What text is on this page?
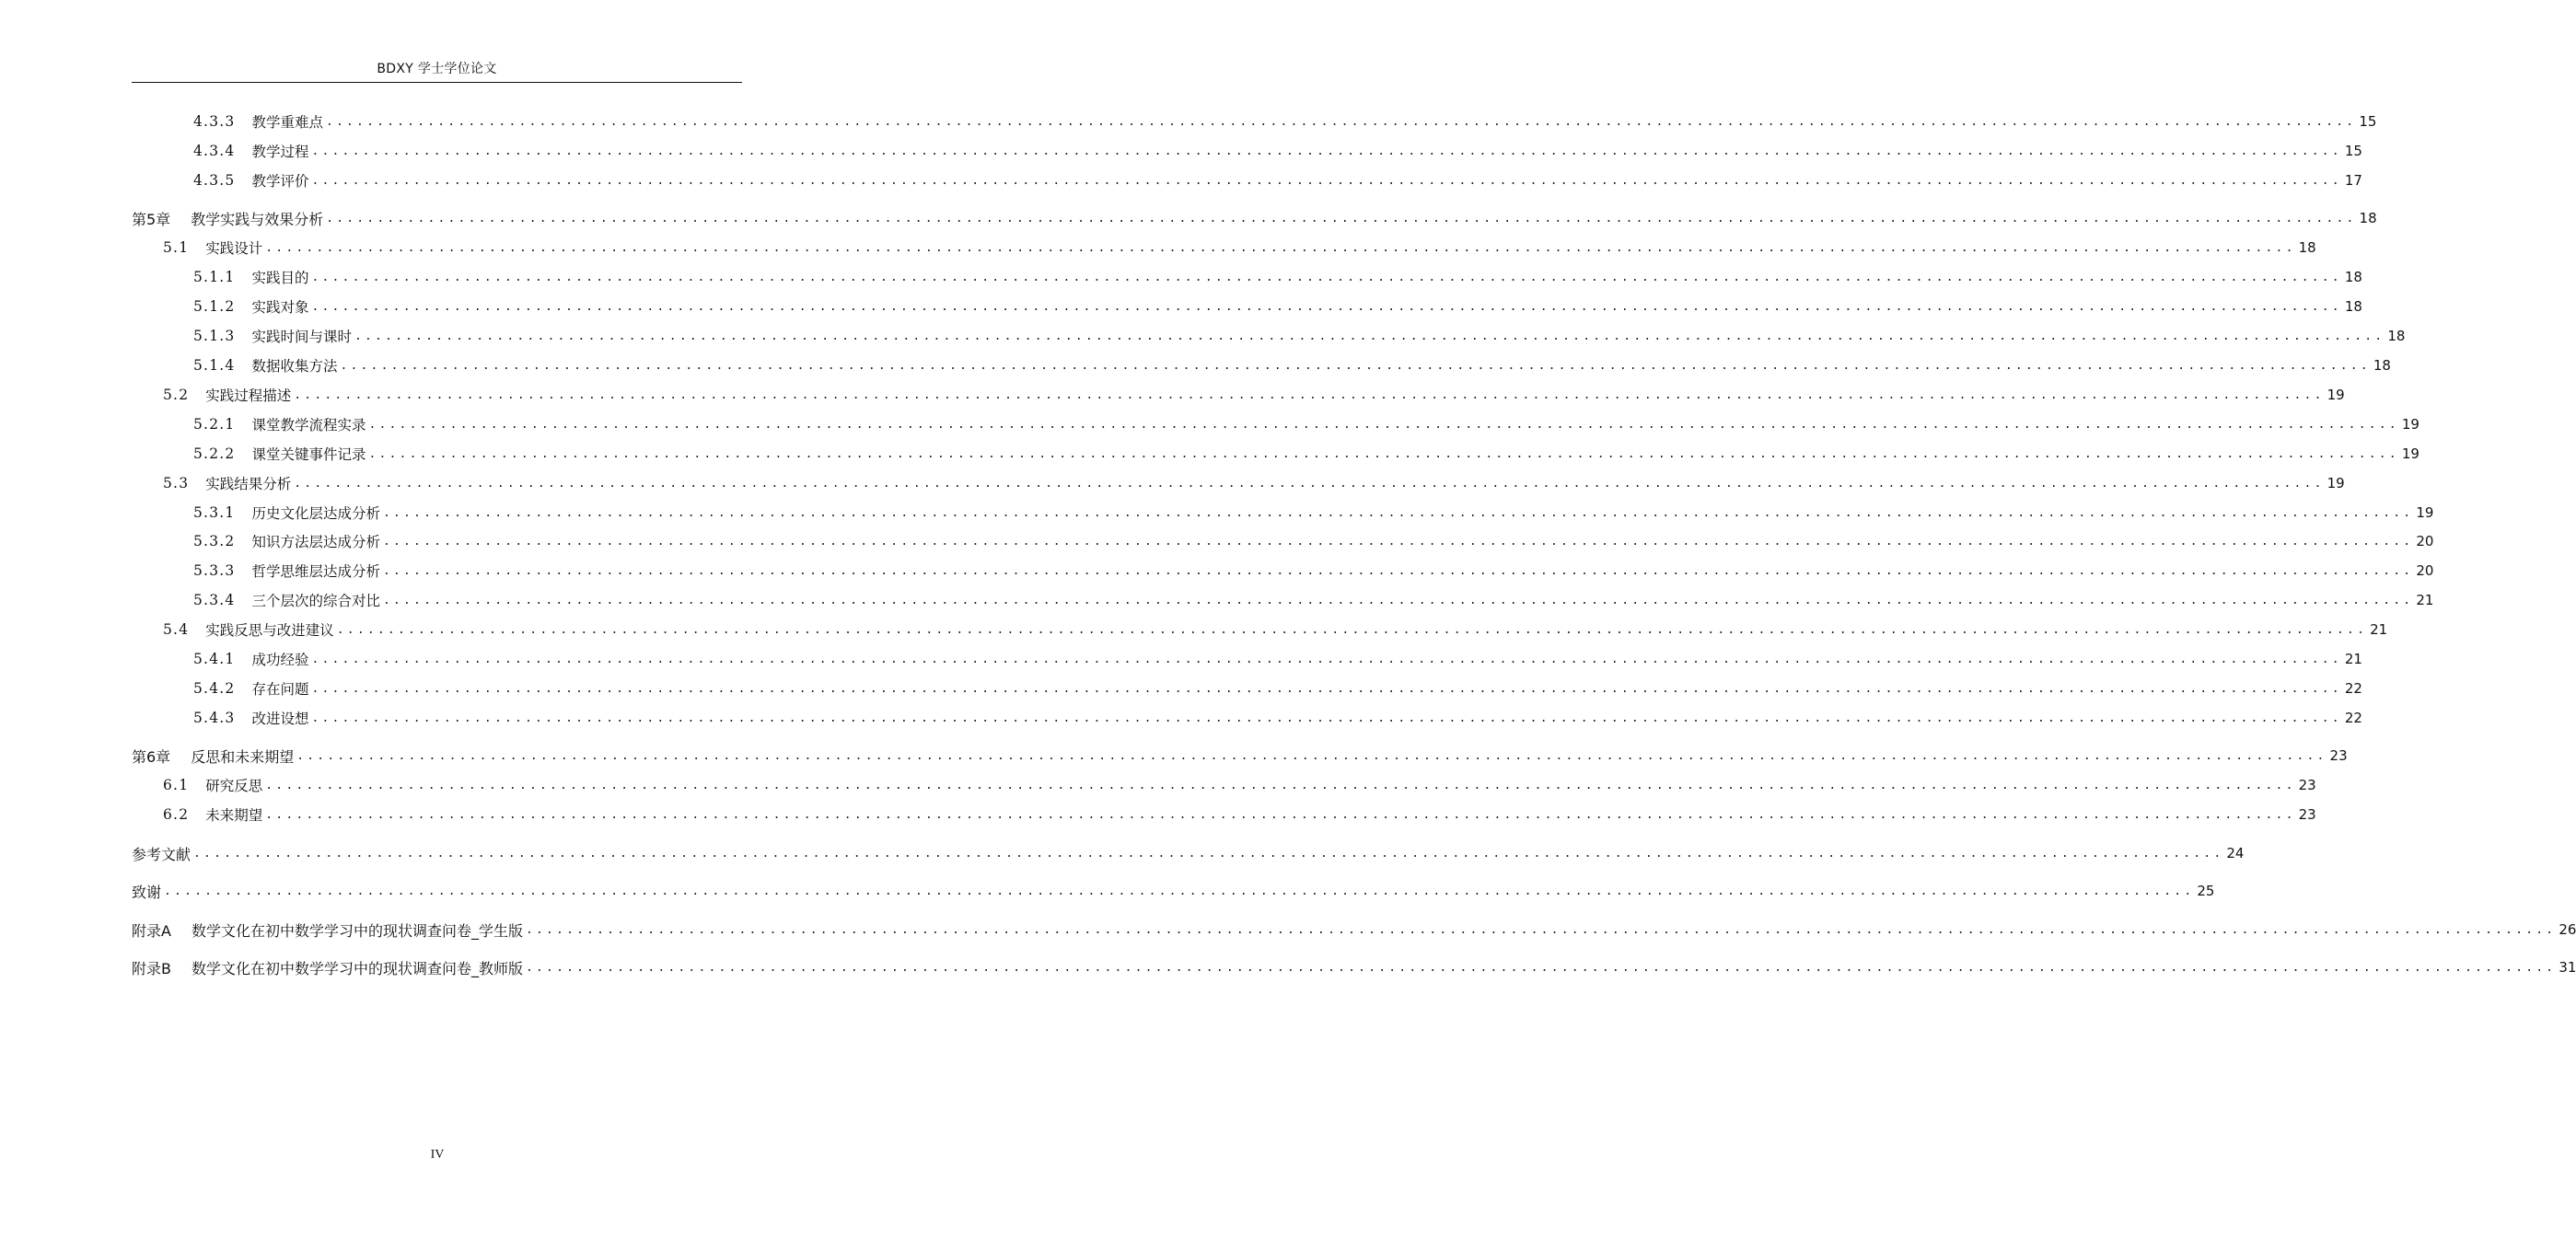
BDXY 学士学位论文
4.3.3 教学重难点 ........................................................................................................................................................................................................ 15
4.3.4 教学过程 ........................................................................................................................................................................................................ 15
4.3.5 教学评价 ........................................................................................................................................................................................................ 17
第5章 教学实践与效果分析 ........................................................................................................................................................................................................ 18
5.1 实践设计 ........................................................................................................................................................................................................ 18
5.1.1 实践目的 ........................................................................................................................................................................................................ 18
5.1.2 实践对象 ........................................................................................................................................................................................................ 18
5.1.3 实践时间与课时 ........................................................................................................................................................................................................ 18
5.1.4 数据收集方法 ........................................................................................................................................................................................................ 18
5.2 实践过程描述 ........................................................................................................................................................................................................ 19
5.2.1 课堂教学流程实录 ........................................................................................................................................................................................................ 19
5.2.2 课堂关键事件记录 ........................................................................................................................................................................................................ 19
5.3 实践结果分析 ........................................................................................................................................................................................................ 19
5.3.1 历史文化层达成分析 ........................................................................................................................................................................................................ 19
5.3.2 知识方法层达成分析 ........................................................................................................................................................................................................ 20
5.3.3 哲学思维层达成分析 ........................................................................................................................................................................................................ 20
5.3.4 三个层次的综合对比 ........................................................................................................................................................................................................ 21
5.4 实践反思与改进建议 ........................................................................................................................................................................................................ 21
5.4.1 成功经验 ........................................................................................................................................................................................................ 21
5.4.2 存在问题 ........................................................................................................................................................................................................ 22
5.4.3 改进设想 ........................................................................................................................................................................................................ 22
第6章 反思和未来期望 ........................................................................................................................................................................................................ 23
6.1 研究反思 ........................................................................................................................................................................................................ 23
6.2 未来期望 ........................................................................................................................................................................................................ 23
参考文献 ........................................................................................................................................................................................................ 24
致谢 ........................................................................................................................................................................................................ 25
附录A 数学文化在初中数学学习中的现状调查问卷_学生版 ........................................................................................................................................................................................................ 26
附录B 数学文化在初中数学学习中的现状调查问卷_教师版 ........................................................................................................................................................................................................ 31
IV
